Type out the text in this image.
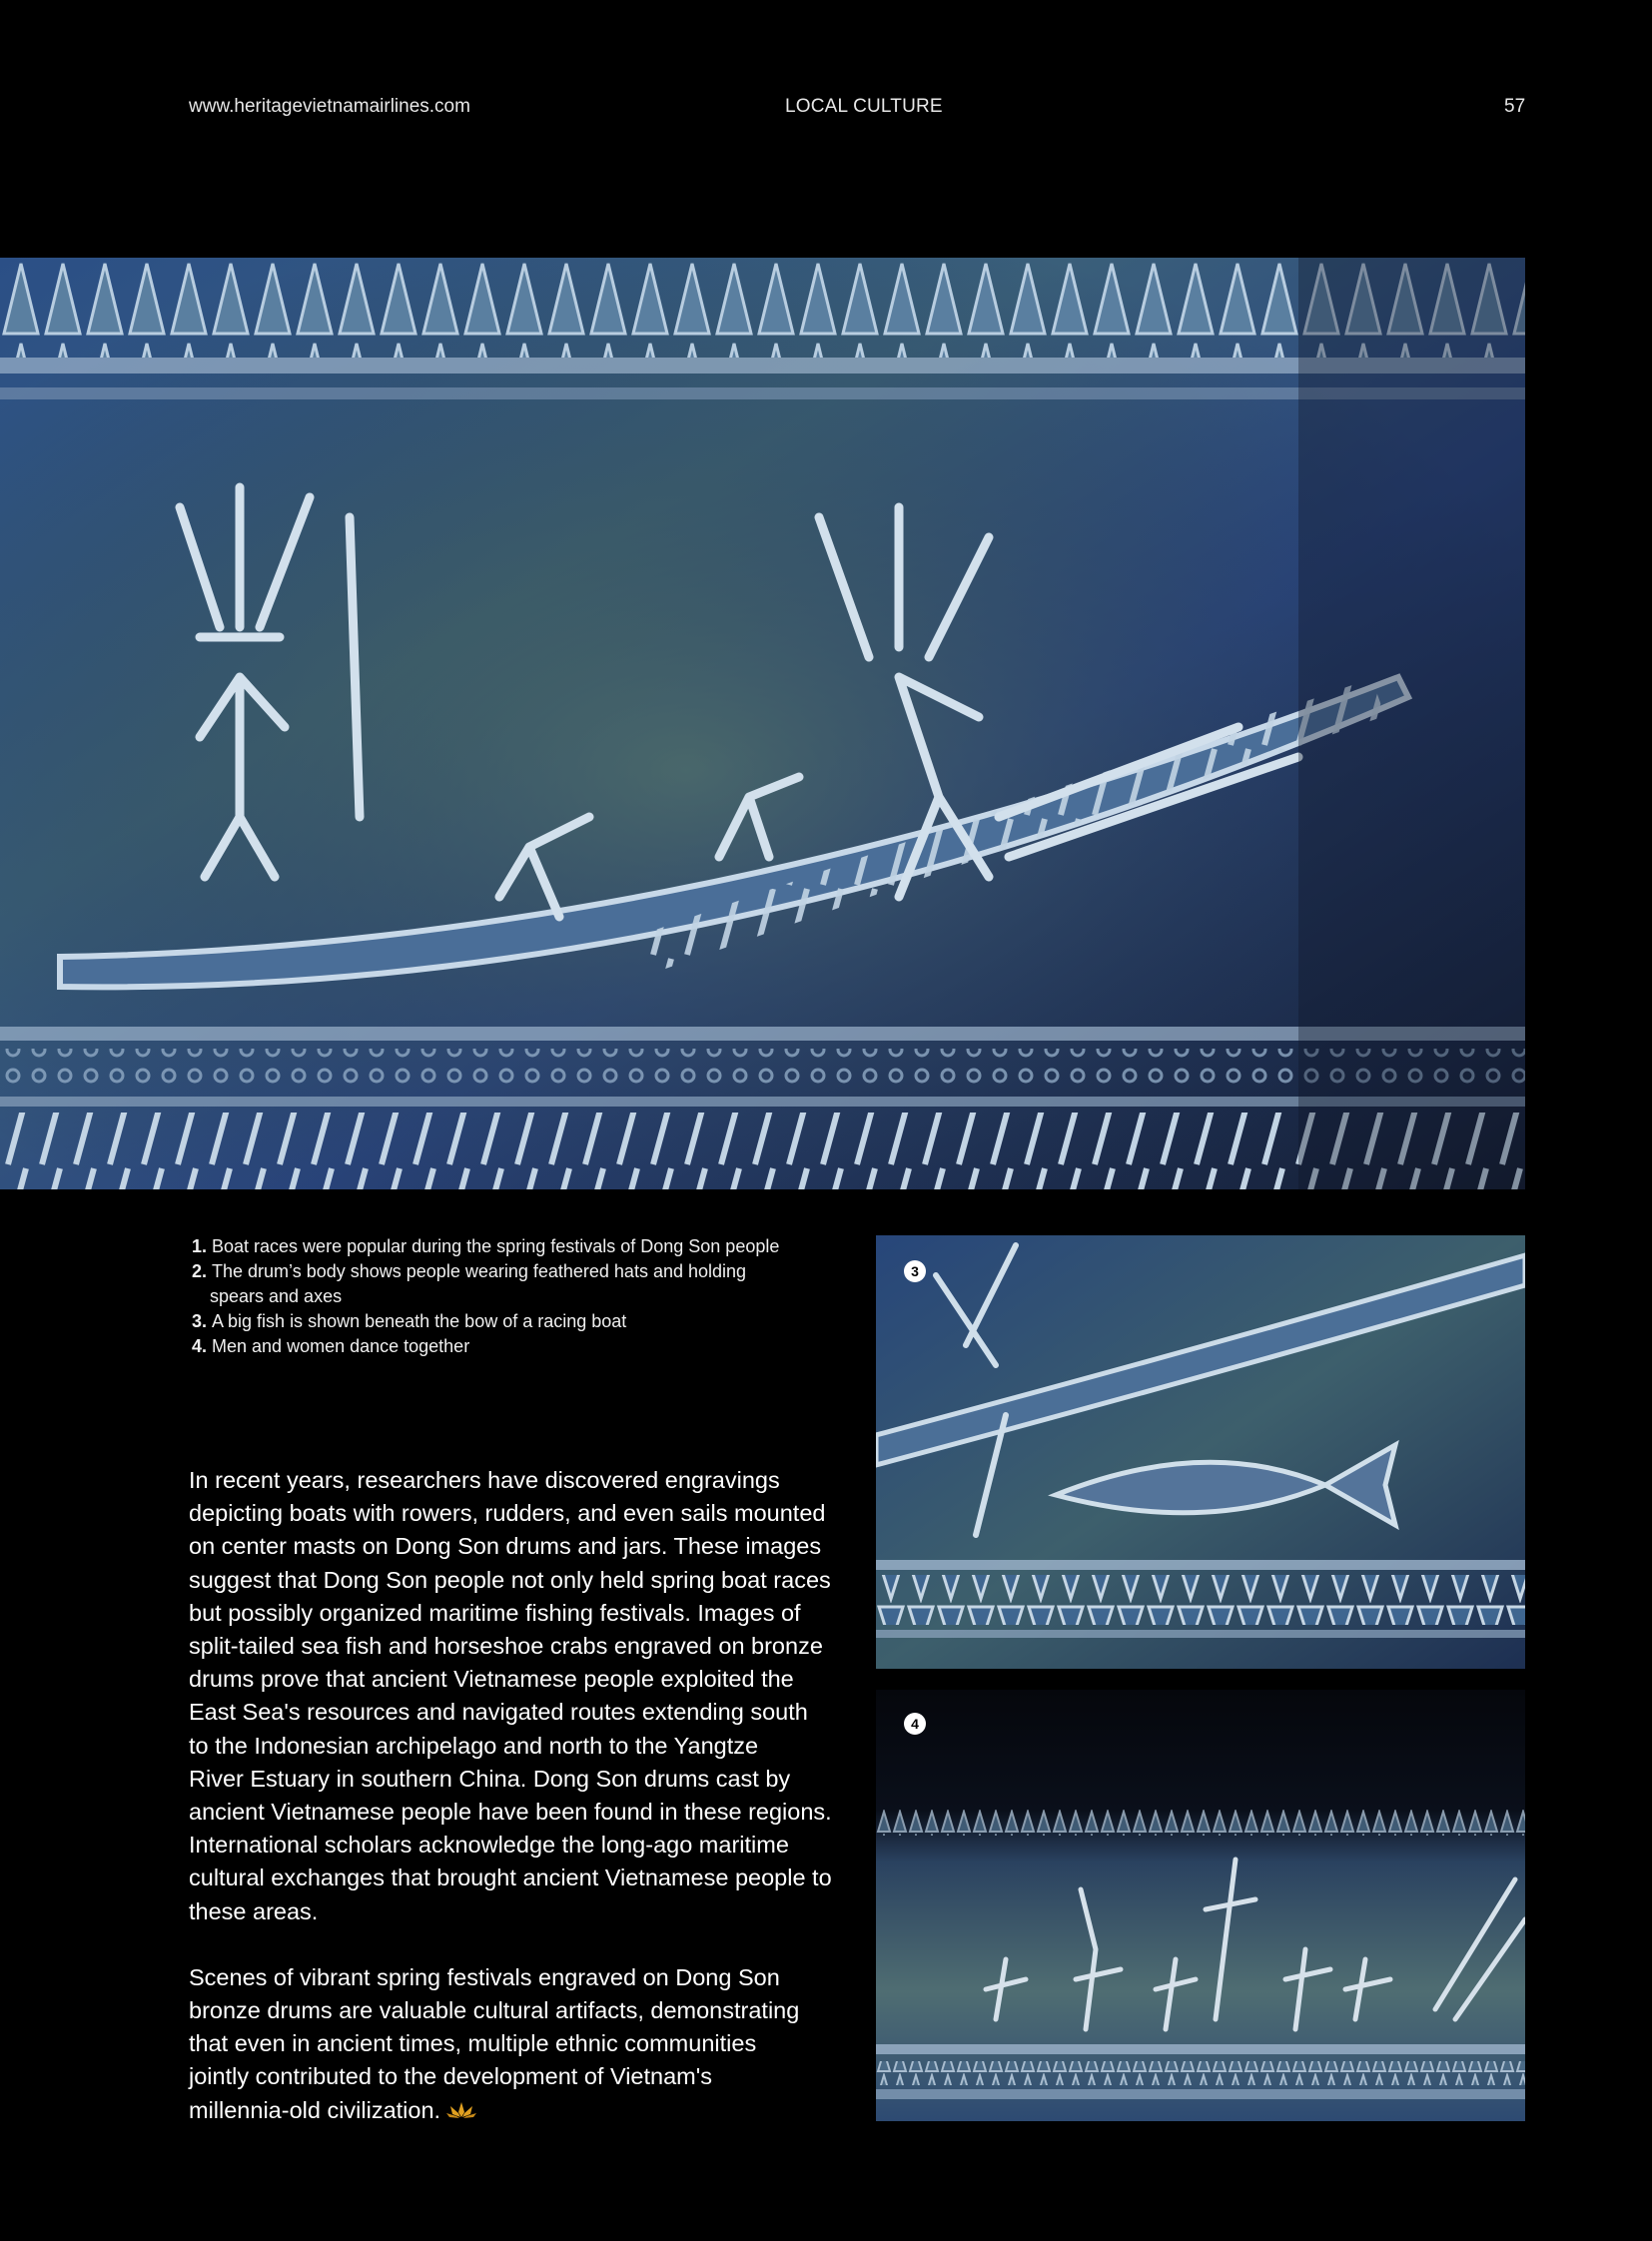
www.heritagevietnamairlines.com	LOCAL CULTURE	57
1. Boat races were popular during the spring festivals of Dong Son people
2. The drum’s body shows people wearing feathered hats and holding
spears and axes
3. A big fish is shown beneath the bow of a racing boat
4. Men and women dance together
3
4

In recent years, researchers have discovered engravings
depicting boats with rowers, rudders, and even sails mounted
on center masts on Dong Son drums and jars. These images
suggest that Dong Son people not only held spring boat races
but possibly organized maritime fishing festivals. Images of
split-tailed sea fish and horseshoe crabs engraved on bronze
drums prove that ancient Vietnamese people exploited the
East Sea's resources and navigated routes extending south
to the Indonesian archipelago and north to the Yangtze
River Estuary in southern China. Dong Son drums cast by
ancient Vietnamese people have been found in these regions.
International scholars acknowledge the long-ago maritime
cultural exchanges that brought ancient Vietnamese people to
these areas.

Scenes of vibrant spring festivals engraved on Dong Son
bronze drums are valuable cultural artifacts, demonstrating
that even in ancient times, multiple ethnic communities
jointly contributed to the development of Vietnam's
millennia-old civilization.
